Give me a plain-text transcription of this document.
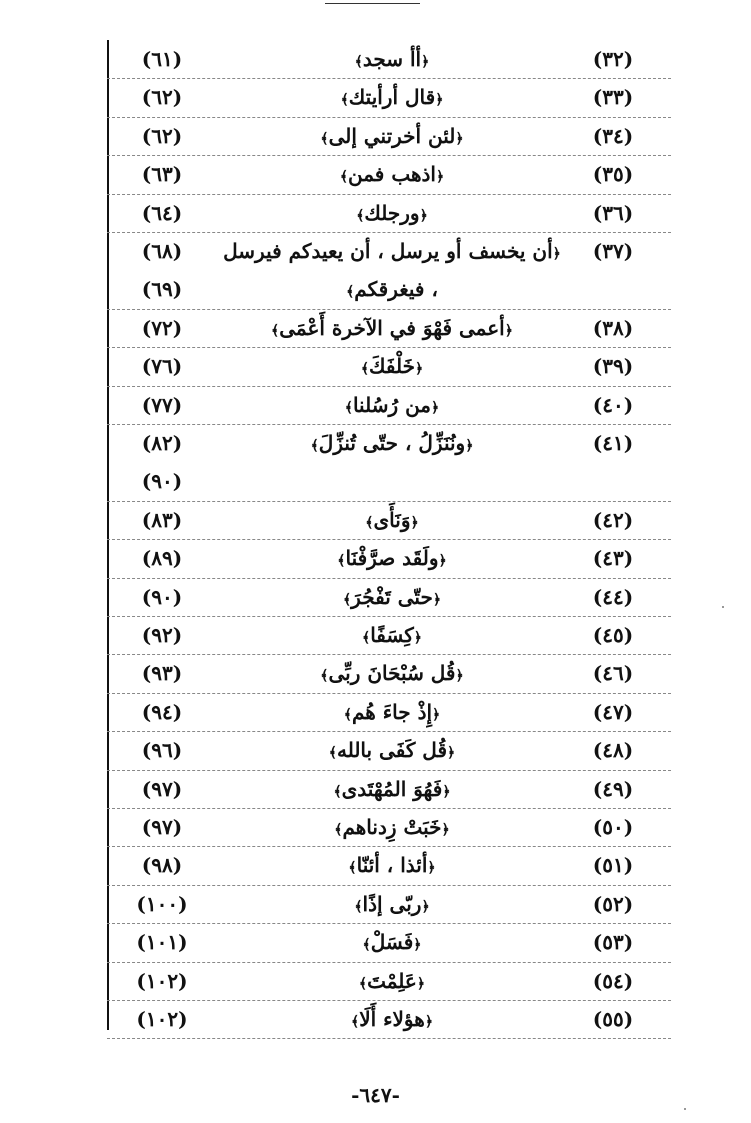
(٣٢)
﴿أأ سجد﴾
(٦١)
(٣٣)
﴿قال أرأيتك﴾
(٦٢)
(٣٤)
﴿لئن أخرتني إلى﴾
(٦٢)
(٣٥)
﴿اذهب فمن﴾
(٦٣)
(٣٦)
﴿ورجلك﴾
(٦٤)
(٣٧)
﴿أن يخسف أو يرسل ، أن يعيدكم فيرسل
(٦٨)
، فيغرقكم﴾
(٦٩)
(٣٨)
﴿أعمى فَهْوَ في الآخرة أَعْمَى﴾
(٧٢)
(٣٩)
﴿خَلْفَكَ﴾
(٧٦)
(٤٠)
﴿من رُسُلنا﴾
(٧٧)
(٤١)
﴿ونُنَزِّلُ ، حتّى تُنزِّلَ﴾
(٨٢)
(٩٠)
(٤٢)
﴿وَنَأَى﴾
(٨٣)
(٤٣)
﴿ولَقَد صرَّفْنَا﴾
(٨٩)
(٤٤)
﴿حتّى تَفْجُرَ﴾
(٩٠)
(٤٥)
﴿كِسَفًا﴾
(٩٢)
(٤٦)
﴿قُل سُبْحَانَ ربِّى﴾
(٩٣)
(٤٧)
﴿إِذْ جاءَ هُم﴾
(٩٤)
(٤٨)
﴿قُل كَفَى بالله﴾
(٩٦)
(٤٩)
﴿فَهُوَ المُهْتَدى﴾
(٩٧)
(٥٠)
﴿خَبَتْ زِدناهم﴾
(٩٧)
(٥١)
﴿أئذا ، أئنّا﴾
(٩٨)
(٥٢)
﴿ربّى إذًا﴾
(١٠٠)
(٥٣)
﴿فَسَلْ﴾
(١٠١)
(٥٤)
﴿عَلِمْتَ﴾
(١٠٢)
(٥٥)
﴿هؤلاء أَلَا﴾
(١٠٢)
-٦٤٧-
